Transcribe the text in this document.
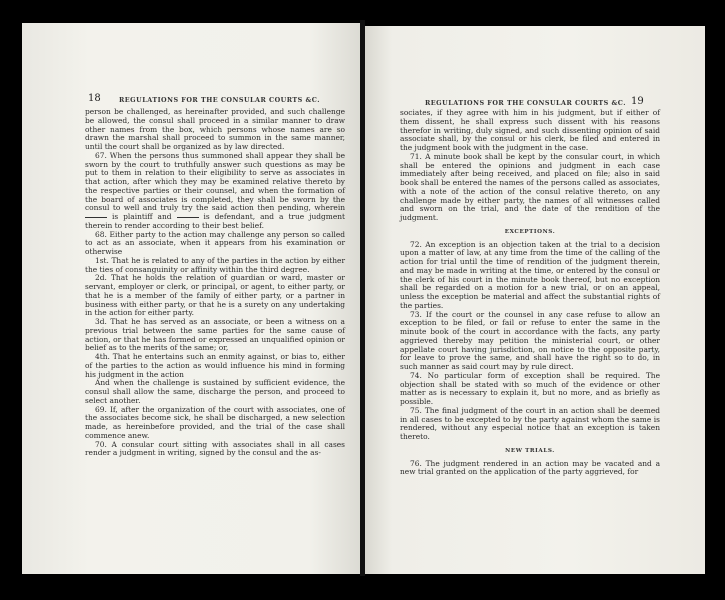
18	REGULATIONS FOR THE CONSULAR COURTS &C.

person be challenged, as hereinafter provided, and such challenge be allowed, the consul shall proceed in a similar manner to draw other names from the box, which persons whose names are so drawn the marshal shall proceed to summon in the same manner, until the court shall be organized as by law directed.

67. When the persons thus summoned shall appear they shall be sworn by the court to truthfully answer such questions as may be put to them in relation to their eligibility to serve as associates in that action, after which they may be examined relative thereto by the respective parties or their counsel, and when the formation of the board of associates is completed, they shall be sworn by the consul to well and truly try the said action then pending, wherein  is plaintiff and	is defendant, and a true judgment therein to render according to their best belief.

68. Either party to the action may challenge any person so called to act as an associate, when it appears from his examination or otherwise

1st. That he is related to any of the parties in the action by either the ties of consanguinity or affinity within the third degree.

2d. That he holds the relation of guardian or ward, master or servant, employer or clerk, or principal, or agent, to either party, or that he is a member of the family of either party, or a partner in business with either party, or that he is a surety on any undertaking in the action for either party.

3d. That he has served as an associate, or been a witness on a previous trial between the same parties for the same cause of action, or that he has formed or expressed an unqualified opinion or belief as to the merits of the same; or,

4th. That he entertains such an enmity against, or bias to, either of the parties to the action as would influence his mind in forming his judgment in the action

And when the challenge is sustained by sufficient evidence, the consul shall allow the same, discharge the person, and proceed to select another.

69. If, after the organization of the court with associates, one of the associates become sick, he shall be discharged, a new selection made, as hereinbefore provided, and the trial of the case shall commence anew.

70. A consular court sitting with associates shall in all cases render a judgment in writing, signed by the consul and the as-

REGULATIONS FOR THE CONSULAR COURTS &C. 19

sociates, if they agree with him in his judgment, but if either of them dissent, he shall express such dissent with his reasons therefor in writing, duly signed, and such dissenting opinion of said associate shall, by the consul or his clerk, be filed and entered in the judgment book with the judgment in the case.

71. A minute book shall be kept by the consular court, in which shall be entered the opinions and judgment in each case immediately after being received, and placed on file; also in said book shall be entered the names of the persons called as associates, with a note of the action of the consul relative thereto, on any challenge made by either party, the names of all witnesses called and sworn on the trial, and the date of the rendition of the judgment.

EXCEPTIONS.

72. An exception is an objection taken at the trial to a decision upon a matter of law, at any time from the time of the calling of the action for trial until the time of rendition of the judgment therein, and may be made in writing at the time, or entered by the consul or the clerk of his court in the minute book thereof, but no exception shall be regarded on a motion for a new trial, or on an appeal, unless the exception be material and affect the substantial rights of the parties.

73. If the court or the counsel in any case refuse to allow an exception to be filed, or fail or refuse to enter the same in the minute book of the court in accordance with the facts, any party aggrieved thereby may petition the ministerial court, or other appellate court having jurisdiction, on notice to the opposite party, for leave to prove the same, and shall have the right so to do, in such manner as said court may by rule direct.

74. No particular form of exception shall be required. The objection shall be stated with so much of the evidence or other matter as is necessary to explain it, but no more, and as briefly as possible.

75. The final judgment of the court in an action shall be deemed in all cases to be excepted to by the party against whom the same is rendered, without any especial notice that an exception is taken thereto.

NEW TRIALS.

76. The judgment rendered in an action may be vacated and a new trial granted on the application of the party aggrieved, for
